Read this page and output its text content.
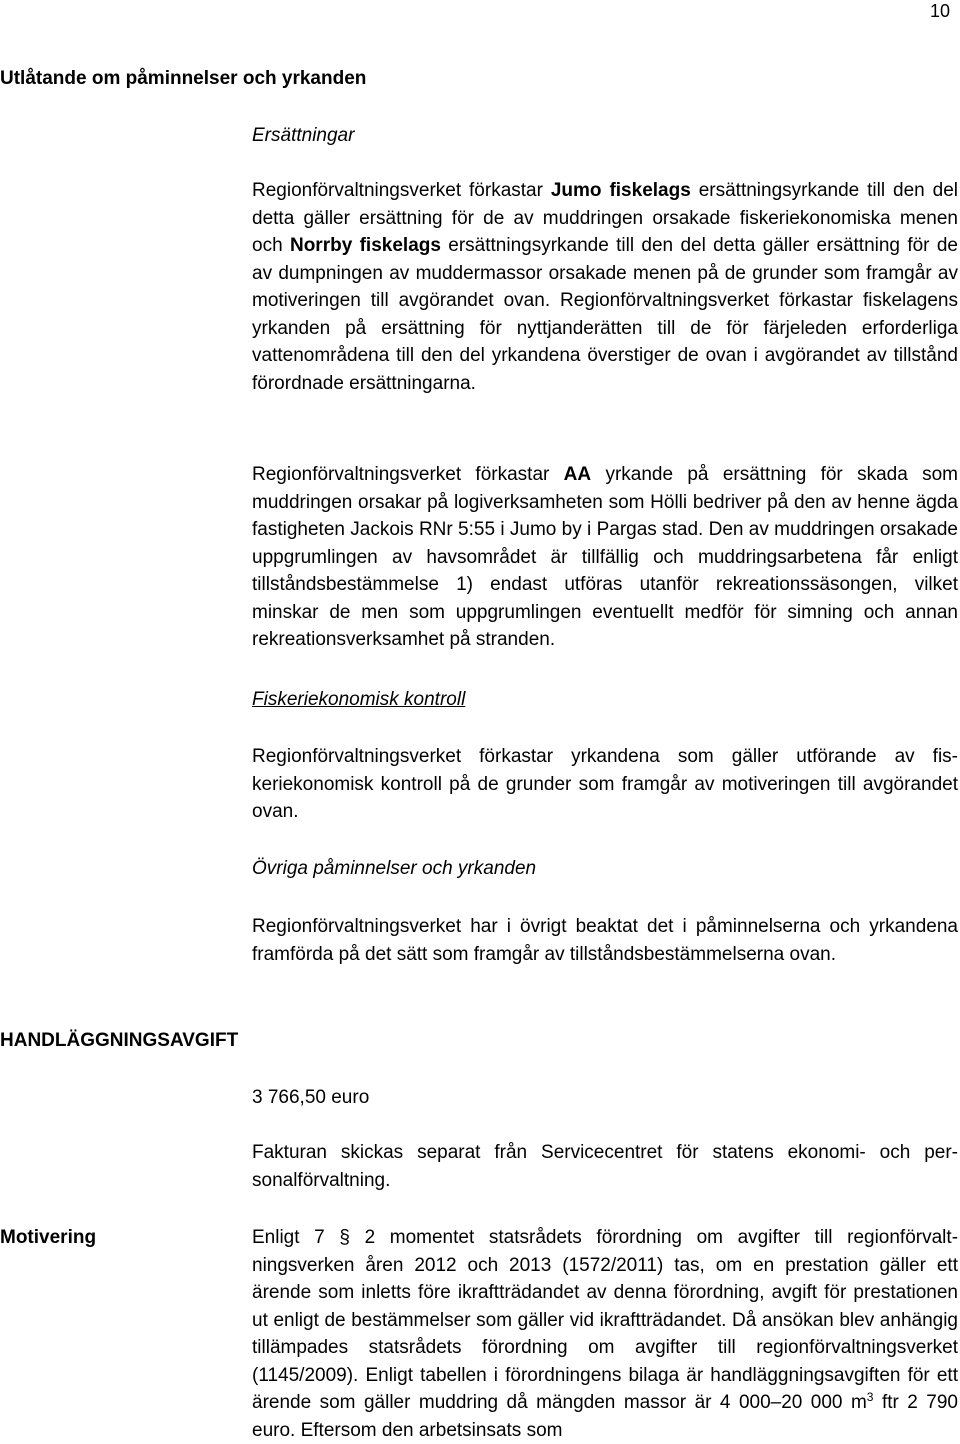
10
Utlåtande om påminnelser och yrkanden
Ersättningar

Regionförvaltningsverket förkastar Jumo fiskelags ersättningsyrkande till den del detta gäller ersättning för de av muddringen orsakade fiskeriekonomiska menen och Norrby fiskelags ersättningsyrkande till den del detta gäller ersättning för de av dumpningen av muddermassor orsakade menen på de grunder som framgår av motiveringen till avgörandet ovan. Regionförvaltningsverket förkastar fiskelagens yrkanden på ersättning för nyttjanderätten till de för färjeleden erforderliga vattenområdena till den del yrkandena överstiger de ovan i avgörandet av tillstånd förordnade ersättningarna.

Regionförvaltningsverket förkastar AA yrkande på ersättning för skada som muddringen orsakar på logiverksamheten som Hölli bedriver på den av henne ägda fastigheten Jackois RNr 5:55 i Jumo by i Pargas stad. Den av muddringen orsakade uppgrumlingen av havsområdet är tillfällig och muddringsarbetena får enligt tillståndsbestämmelse 1) endast utföras utanför rekreationssäsongen, vilket minskar de men som uppgrumlingen eventuellt medför för simning och annan rekreationsverksamhet på stranden.

Fiskeriekonomisk kontroll

Regionförvaltningsverket förkastar yrkandena som gäller utförande av fiskeriekonomisk kontroll på de grunder som framgår av motiveringen till avgörandet ovan.

Övriga påminnelser och yrkanden

Regionförvaltningsverket har i övrigt beaktat det i påminnelserna och yrkandena framförda på det sätt som framgår av tillståndsbestämmelserna ovan.

HANDLÄGGNINGSAVGIFT

3 766,50 euro

Fakturan skickas separat från Servicecentret för statens ekonomi- och personalförvaltning.

Motivering	Enligt 7 § 2 momentet statsrådets förordning om avgifter till regionförvaltningsverken åren 2012 och 2013 (1572/2011) tas, om en prestation gäller ett ärende som inletts före ikraftträdandet av denna förordning, avgift för prestationen ut enligt de bestämmelser som gäller vid ikraftträdandet. Då ansökan blev anhängig tillämpades statsrådets förordning om avgifter till regionförvaltningsverket (1145/2009). Enligt tabellen i förordningens bilaga är handläggningsavgiften för ett ärende som gäller muddring då mängden massor är 4 000–20 000 $m^3$ ftr 2 790 euro. Eftersom den arbetsinsats som
